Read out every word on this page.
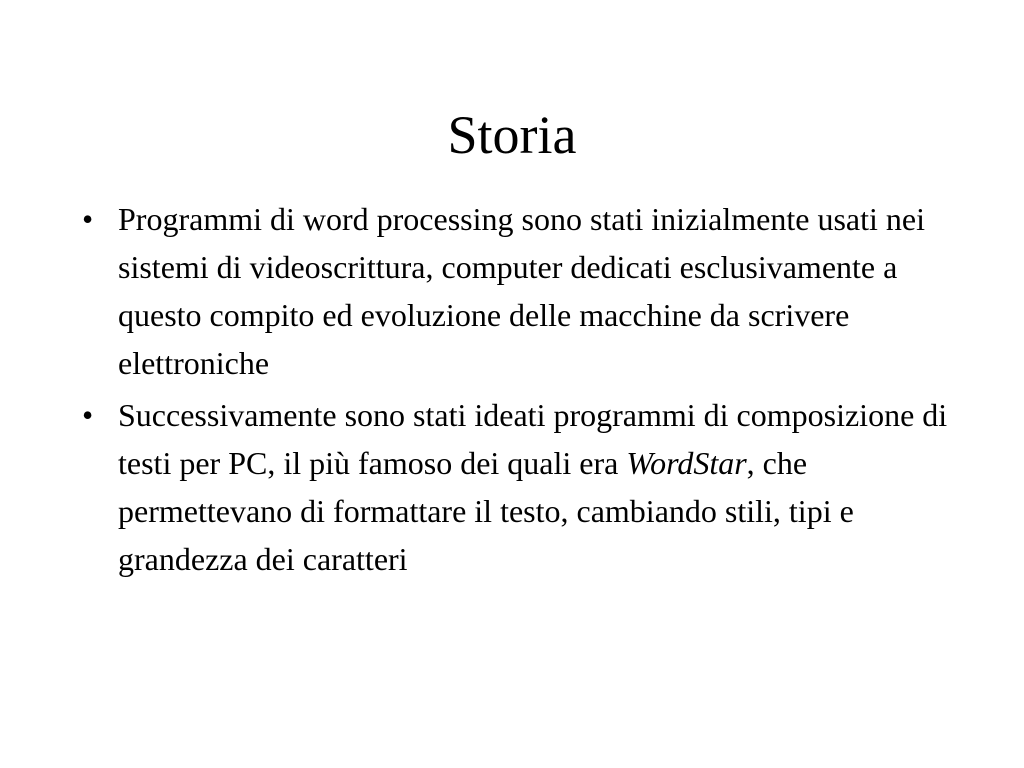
Storia
• Programmi di word processing sono stati inizialmente usati nei sistemi di videoscrittura, computer dedicati esclusivamente a questo compito ed evoluzione delle macchine da scrivere elettroniche
• Successivamente sono stati ideati programmi di composizione di testi per PC, il più famoso dei quali era WordStar, che permettevano di formattare il testo, cambiando stili, tipi e grandezza dei caratteri
